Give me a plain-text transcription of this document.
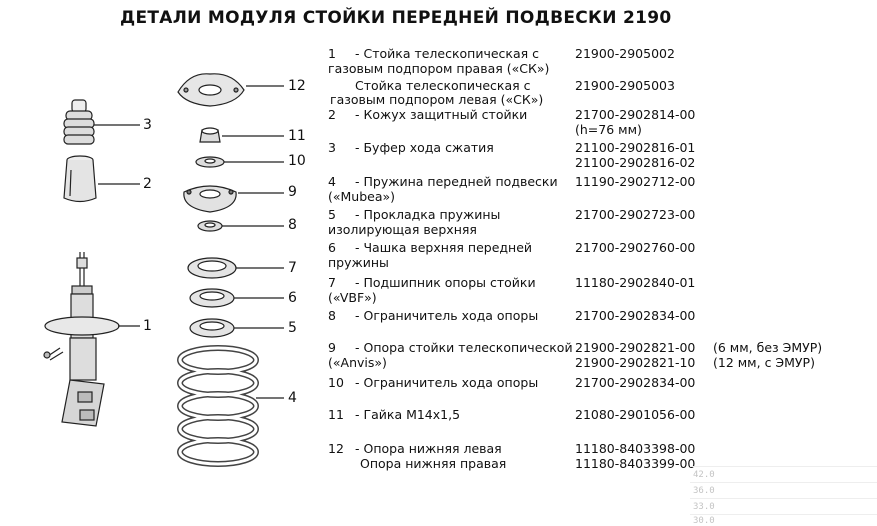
ДЕТАЛИ МОДУЛЯ СТОЙКИ ПЕРЕДНЕЙ ПОДВЕСКИ 2190
12
3
11
10
2	9
8
7
6
1	5
4
1 - Стойка телескопическая с	21900-2905002
газовым подпором правая («СК»)
Стойка телескопическая с	21900-2905003
газовым подпором левая («СК»)
2 - Кожух защитный стойки	21700-2902814-00
(h=76 мм)
3 - Буфер хода сжатия	21100-2902816-01
21100-2902816-02
4 - Пружина передней подвески 11190-2902712-00
(«Mubea»)
5 - Прокладка пружины	21700-2902723-00
изолирующая верхняя
6 - Чашка верхняя передней	21700-2902760-00
пружины
7 - Подшипник опоры стойки	11180-2902840-01
(«VBF»)
8 - Ограничитель хода опоры	21700-2902834-00
9 - Опора стойки телескопической 21900-2902821-00 (6 мм, без ЭМУР)
(«Anvis»)	21900-2902821-10 (12 мм, с ЭМУР)
10 - Ограничитель хода опоры	21700-2902834-00
11 - Гайка М14х1,5	21080-2901056-00
12 - Опора нижняя левая	11180-8403398-00
Опора нижняя правая	11180-8403399-00
42.0
36.0
33.0
30.0
